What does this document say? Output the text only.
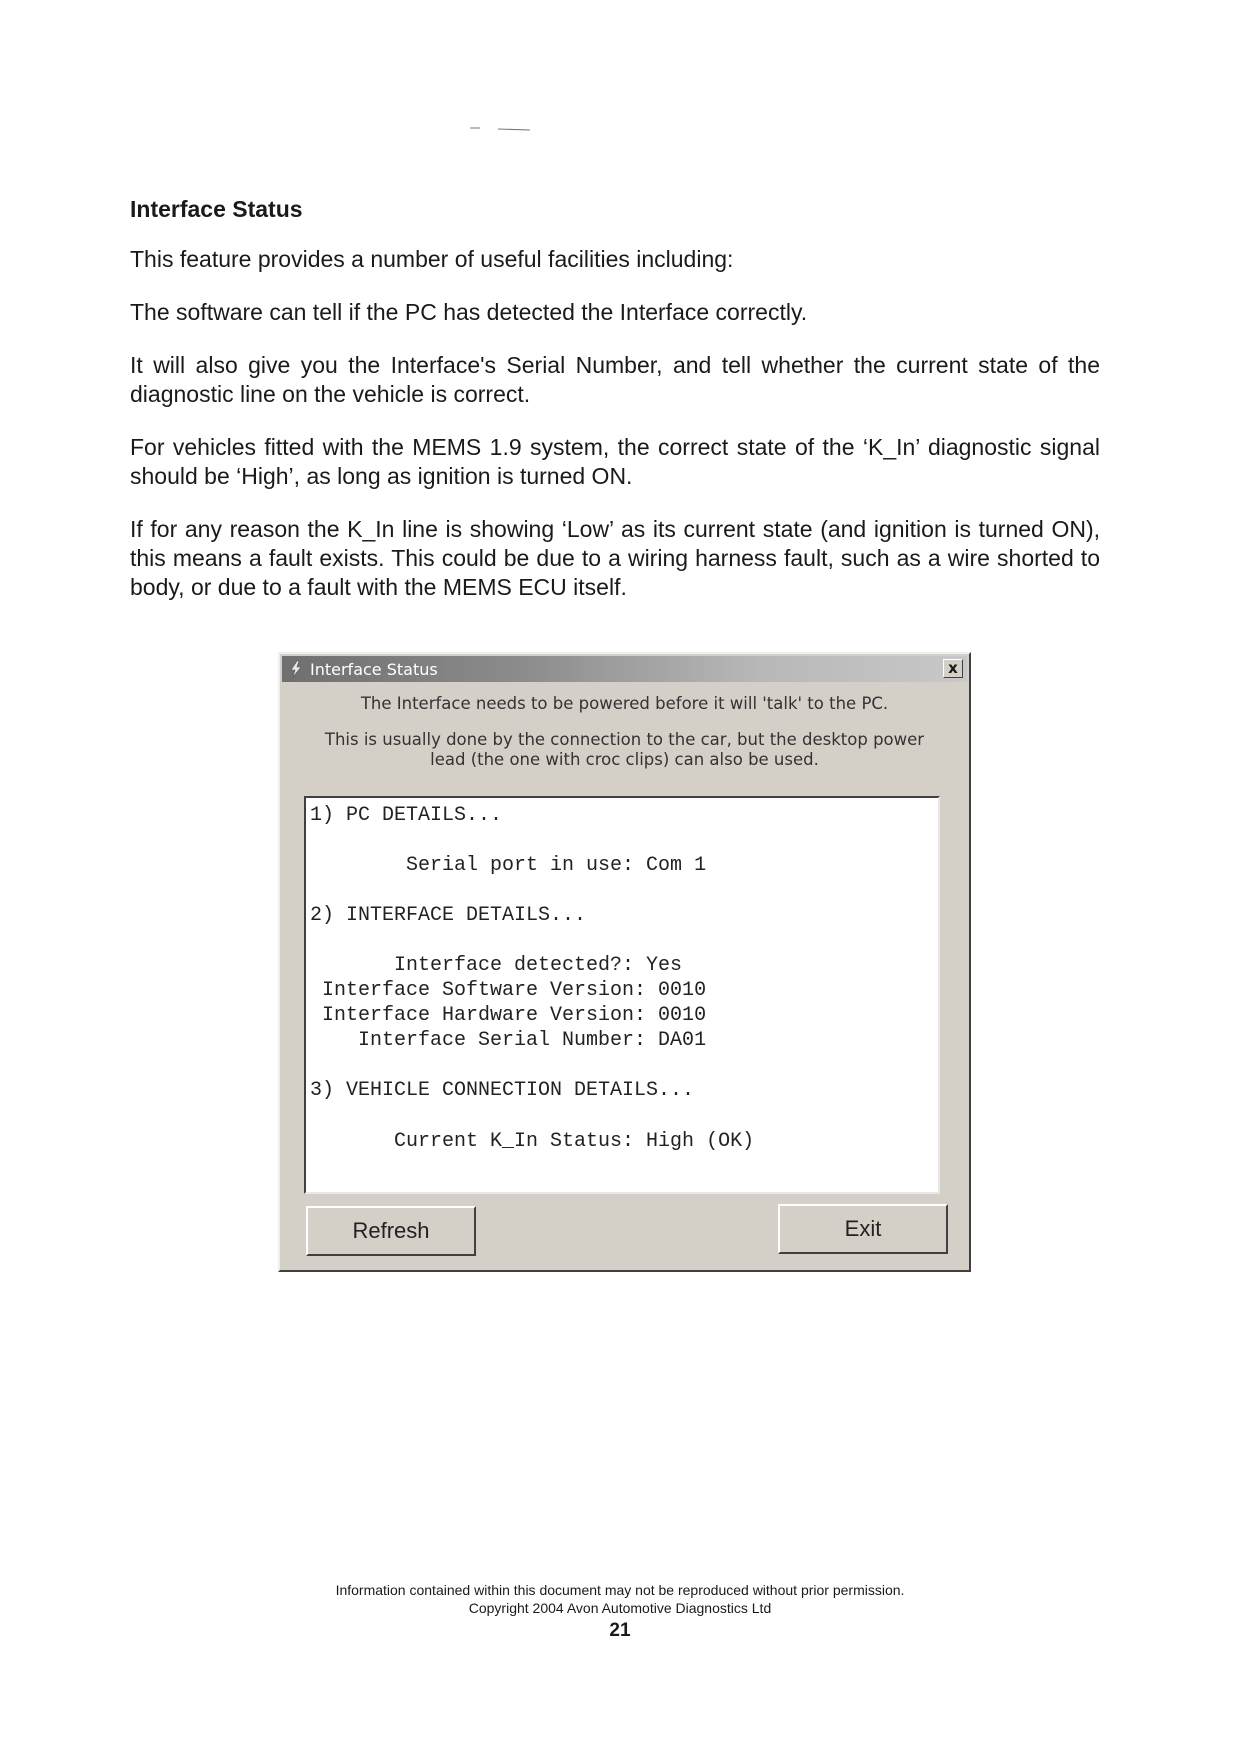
Interface Status
This feature provides a number of useful facilities including:
The software can tell if the PC has detected the Interface correctly.
It will also give you the Interface's Serial Number, and tell whether the current state of the diagnostic line on the vehicle is correct.
For vehicles fitted with the MEMS 1.9 system, the correct state of the ‘K_In’ diagnostic signal should be ‘High’, as long as ignition is turned ON.
If for any reason the K_In line is showing ‘Low’ as its current state (and ignition is turned ON), this means a fault exists. This could be due to a wiring harness fault, such as a wire shorted to body, or due to a fault with the MEMS ECU itself.
Interface Status	x
The Interface needs to be powered before it will 'talk' to the PC.
This is usually done by the connection to the car, but the desktop power
lead (the one with croc clips) can also be used.
1) PC DETAILS...
Serial port in use: Com 1
2) INTERFACE DETAILS...
Interface detected?: Yes
Interface Software Version: 0010
Interface Hardware Version: 0010
Interface Serial Number: DA01
3) VEHICLE CONNECTION DETAILS...
Current K_In Status: High (OK)
Refresh	Exit
Information contained within this document may not be reproduced without prior permission.
Copyright 2004 Avon Automotive Diagnostics Ltd
21
